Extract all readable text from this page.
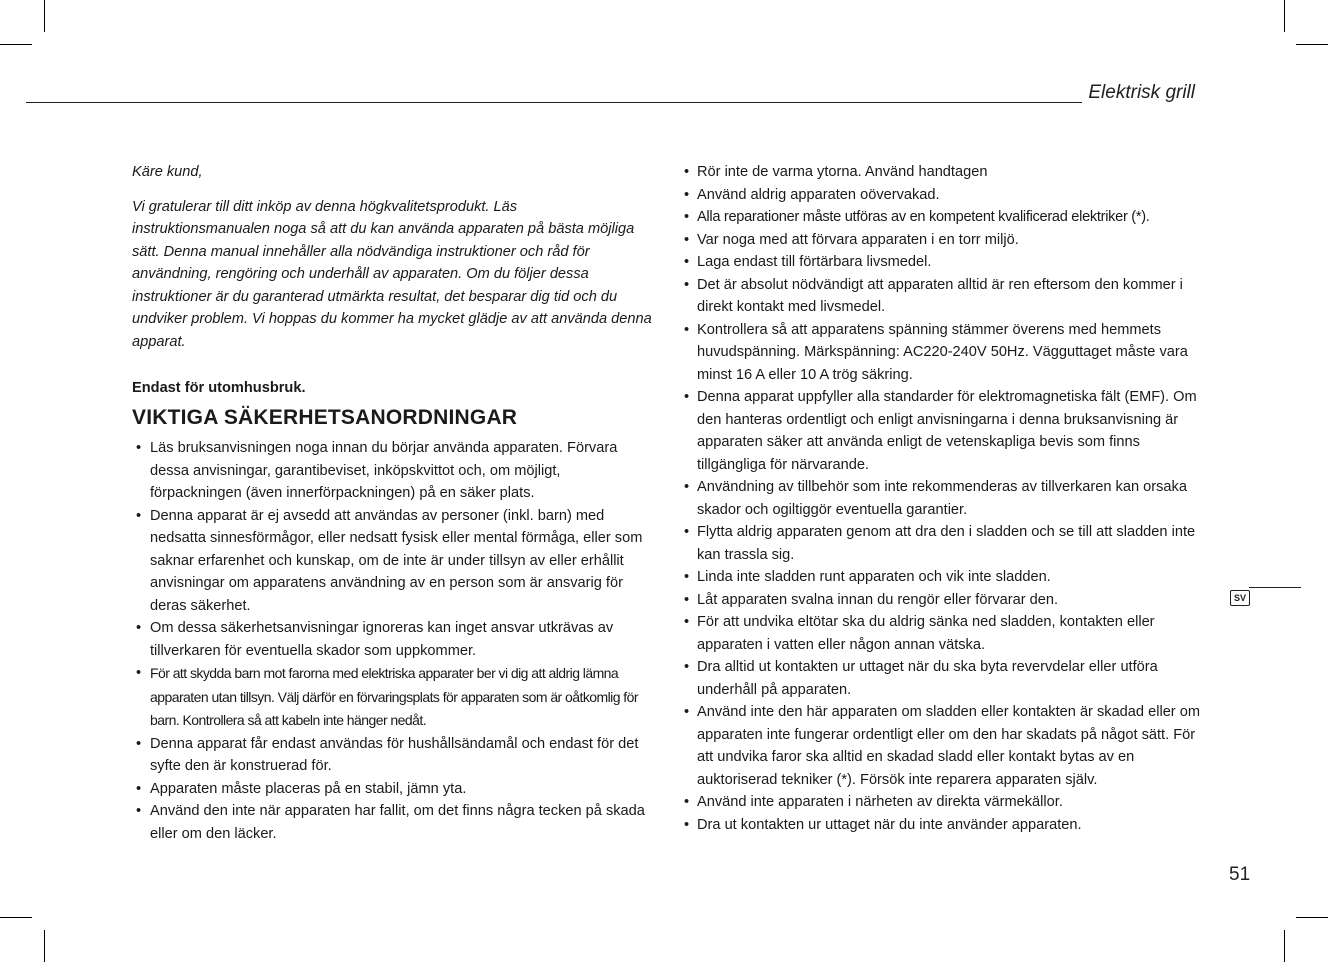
Elektrisk grill

Käre kund,

Vi gratulerar till ditt inköp av denna högkvalitetsprodukt. Läs instruktionsmanualen noga så att du kan använda apparaten på bästa möjliga sätt. Denna manual innehåller alla nödvändiga instruktioner och råd för användning, rengöring och underhåll av apparaten. Om du följer dessa instruktioner är du garanterad utmärkta resultat, det besparar dig tid och du undviker problem. Vi hoppas du kommer ha mycket glädje av att använda denna apparat.

Endast för utomhusbruk.

VIKTIGA SÄKERHETSANORDNINGAR
• Läs bruksanvisningen noga innan du börjar använda apparaten. Förvara dessa anvisningar, garantibeviset, inköpskvittot och, om möjligt, förpackningen (även innerförpackningen) på en säker plats.
• Denna apparat är ej avsedd att användas av personer (inkl. barn) med nedsatta sinnesförmågor, eller nedsatt fysisk eller mental förmåga, eller som saknar erfarenhet och kunskap, om de inte är under tillsyn av eller erhållit anvisningar om apparatens användning av en person som är ansvarig för deras säkerhet.
• Om dessa säkerhetsanvisningar ignoreras kan inget ansvar utkrävas av tillverkaren för eventuella skador som uppkommer.
• För att skydda barn mot farorna med elektriska apparater ber vi dig att aldrig lämna apparaten utan tillsyn. Välj därför en förvaringsplats för apparaten som är oåtkomlig för barn. Kontrollera så att kabeln inte hänger nedåt.
• Denna apparat får endast användas för hushållsändamål och endast för det syfte den är konstruerad för.
• Apparaten måste placeras på en stabil, jämn yta.
• Använd den inte när apparaten har fallit, om det finns några tecken på skada eller om den läcker.
• Rör inte de varma ytorna. Använd handtagen
• Använd aldrig apparaten oövervakad.
• Alla reparationer måste utföras av en kompetent kvalificerad elektriker (*).
• Var noga med att förvara apparaten i en torr miljö.
• Laga endast till förtärbara livsmedel.
• Det är absolut nödvändigt att apparaten alltid är ren eftersom den kommer i direkt kontakt med livsmedel.
• Kontrollera så att apparatens spänning stämmer överens med hemmets huvudspänning. Märkspänning: AC220-240V 50Hz. Vägguttaget måste vara minst 16 A eller 10 A trög säkring.
• Denna apparat uppfyller alla standarder för elektromagnetiska fält (EMF). Om den hanteras ordentligt och enligt anvisningarna i denna bruksanvisning är apparaten säker att använda enligt de vetenskapliga bevis som finns tillgängliga för närvarande.
• Användning av tillbehör som inte rekommenderas av tillverkaren kan orsaka skador och ogiltiggör eventuella garantier.
• Flytta aldrig apparaten genom att dra den i sladden och se till att sladden inte kan trassla sig.
• Linda inte sladden runt apparaten och vik inte sladden.
• Låt apparaten svalna innan du rengör eller förvarar den.
• För att undvika eltötar ska du aldrig sänka ned sladden, kontakten eller apparaten i vatten eller någon annan vätska.
• Dra alltid ut kontakten ur uttaget när du ska byta revervdelar eller utföra underhåll på apparaten.
• Använd inte den här apparaten om sladden eller kontakten är skadad eller om apparaten inte fungerar ordentligt eller om den har skadats på något sätt. För att undvika faror ska alltid en skadad sladd eller kontakt bytas av en auktoriserad tekniker (*). Försök inte reparera apparaten själv.
• Använd inte apparaten i närheten av direkta värmekällor.
• Dra ut kontakten ur uttaget när du inte använder apparaten.
SV
51
